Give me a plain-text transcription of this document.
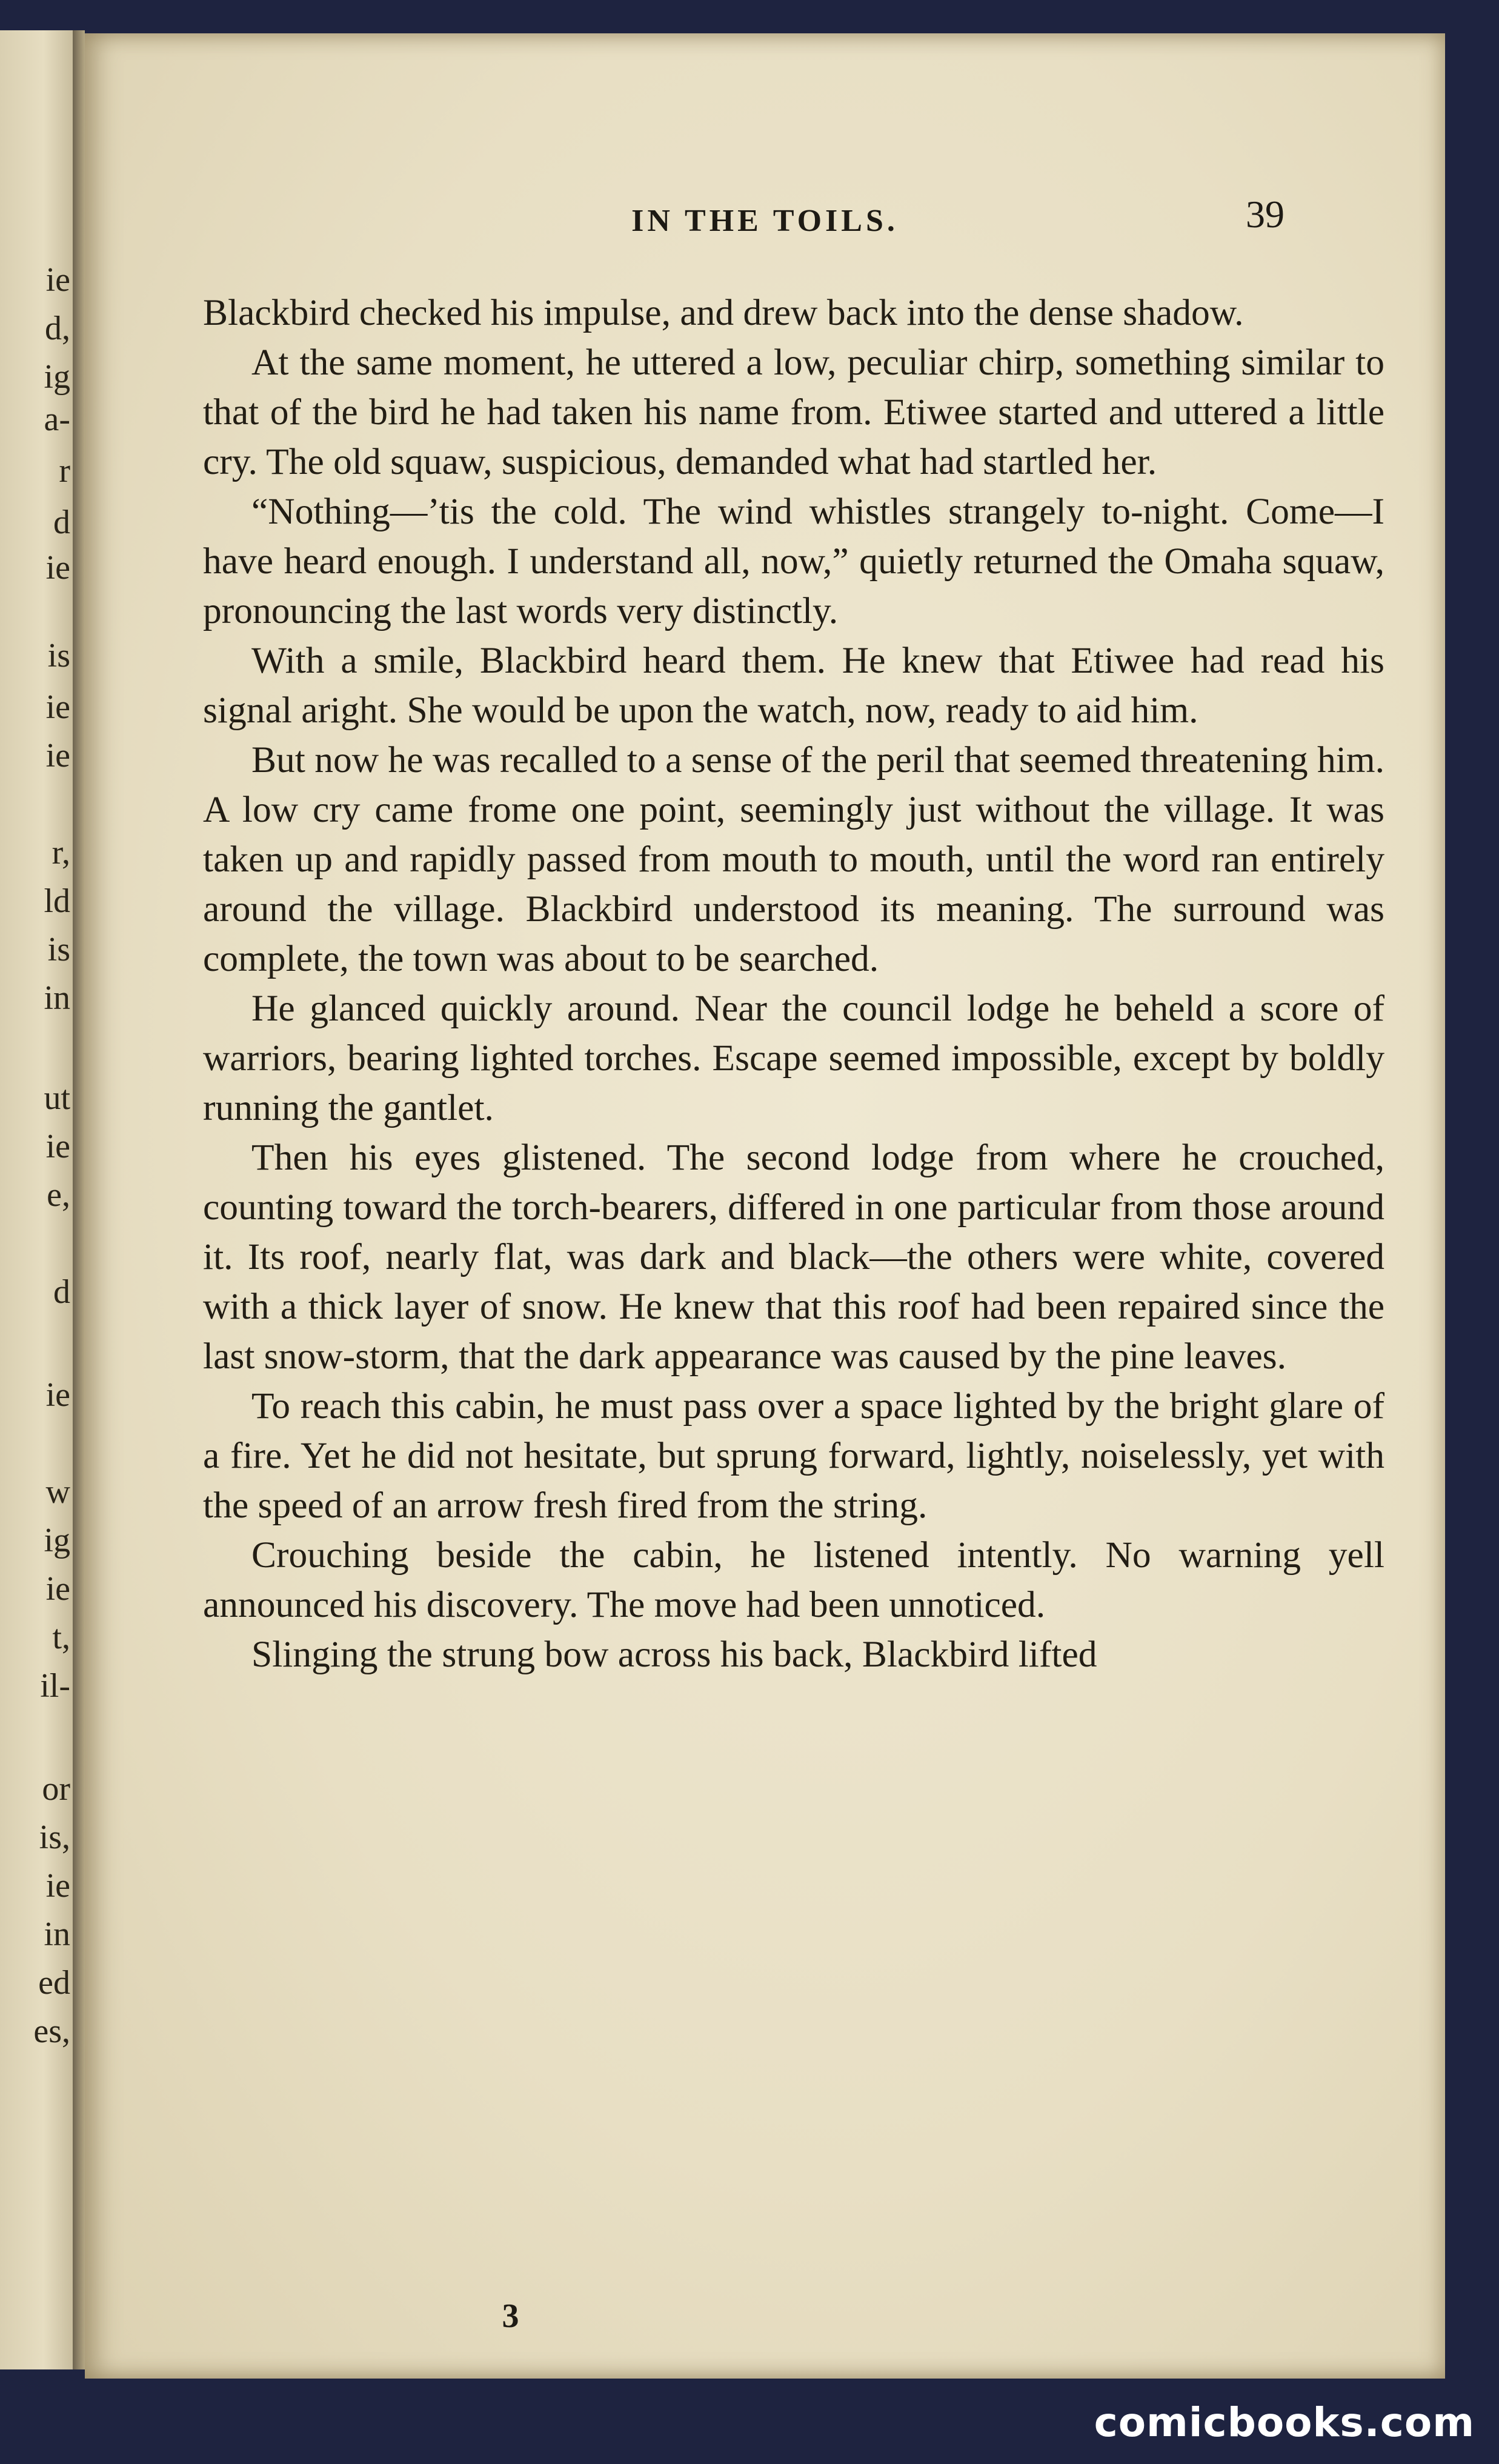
ie
d,
ig
a-
r
d
ie
is
ie
ie
r,
ld
is
in
ut
ie
e,
d
ie
w
ig
ie
t,
il-
or
is,
ie
in
ed
es,
IN THE TOILS.	39

Blackbird checked his impulse, and drew back into the dense shadow.

At the same moment, he uttered a low, peculiar chirp, something similar to that of the bird he had taken his name from. Etiwee started and uttered a little cry. The old squaw, suspicious, demanded what had startled her.

“Nothing—’tis the cold. The wind whistles strangely to-night. Come—I have heard enough. I understand all, now,” quietly returned the Omaha squaw, pronouncing the last words very distinctly.

With a smile, Blackbird heard them. He knew that Etiwee had read his signal aright. She would be upon the watch, now, ready to aid him.

But now he was recalled to a sense of the peril that seemed threatening him. A low cry came frome one point, seemingly just without the village. It was taken up and rapidly passed from mouth to mouth, until the word ran entirely around the village. Blackbird understood its meaning. The surround was complete, the town was about to be searched.

He glanced quickly around. Near the council lodge he beheld a score of warriors, bearing lighted torches. Escape seemed impossible, except by boldly running the gantlet.

Then his eyes glistened. The second lodge from where he crouched, counting toward the torch-bearers, differed in one particular from those around it. Its roof, nearly flat, was dark and black—the others were white, covered with a thick layer of snow. He knew that this roof had been repaired since the last snow-storm, that the dark appearance was caused by the pine leaves.

To reach this cabin, he must pass over a space lighted by the bright glare of a fire. Yet he did not hesitate, but sprung forward, lightly, noiselessly, yet with the speed of an arrow fresh fired from the string.

Crouching beside the cabin, he listened intently. No warning yell announced his discovery. The move had been unnoticed.

Slinging the strung bow across his back, Blackbird lifted

3
comicbooks.com
